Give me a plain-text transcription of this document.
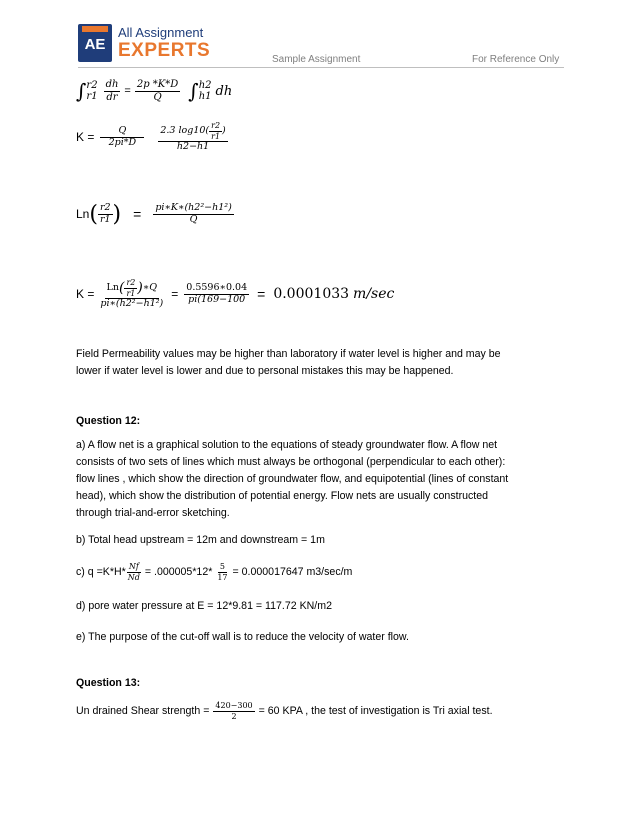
AE
All Assignment
EXPERTS	Sample Assignment	For Reference Only
∫ r2
$r1 \frac{dh}{dr} = \frac{2p *K*D}{Q}$ ∫ h2
h1 dh
$K = \frac{Q}{2pi*D} \frac{2.3 \log 10( \frac{r2}{r1} )}{h2-h1}$
Ln ( $\frac{r2}{r1}$ ) = $\frac{\text{pi∗K∗(h2²−h1²)}}{Q}$
K = Ln ( $\frac{r2}{r1}$ ) ∗Q
pi∗(h2²−h1²)
= $\frac{0.5596∗0.04}{pi(169-100} = 0.0001033$ m/sec
Field Permeability values may be higher than laboratory if water level is higher and may be
lower if water level is lower and due to personal mistakes this may be happened.
Question 12:
a) A flow net is a graphical solution to the equations of steady groundwater flow. A flow net
consists of two sets of lines which must always be orthogonal (perpendicular to each other):
flow lines , which show the direction of groundwater flow, and equipotential (lines of constant
head), which show the distribution of potential energy. Flow nets are usually constructed
through trial-and-error sketching.
b) Total head upstream = 12m and downstream = 1m
c) $q =K*H* \frac{Nf}{Nd} = .000005*12* \frac{5}{17} = 0.000017647$ m3/sec/m
d) pore water pressure at E = 12*9.81 = 117.72 KN/m2
e) The purpose of the cut-off wall is to reduce the velocity of water flow.
Question 13:
Un drained Shear strength = $\frac{420-300}{2} = 60$ KPA , the test of investigation is Tri axial test.
